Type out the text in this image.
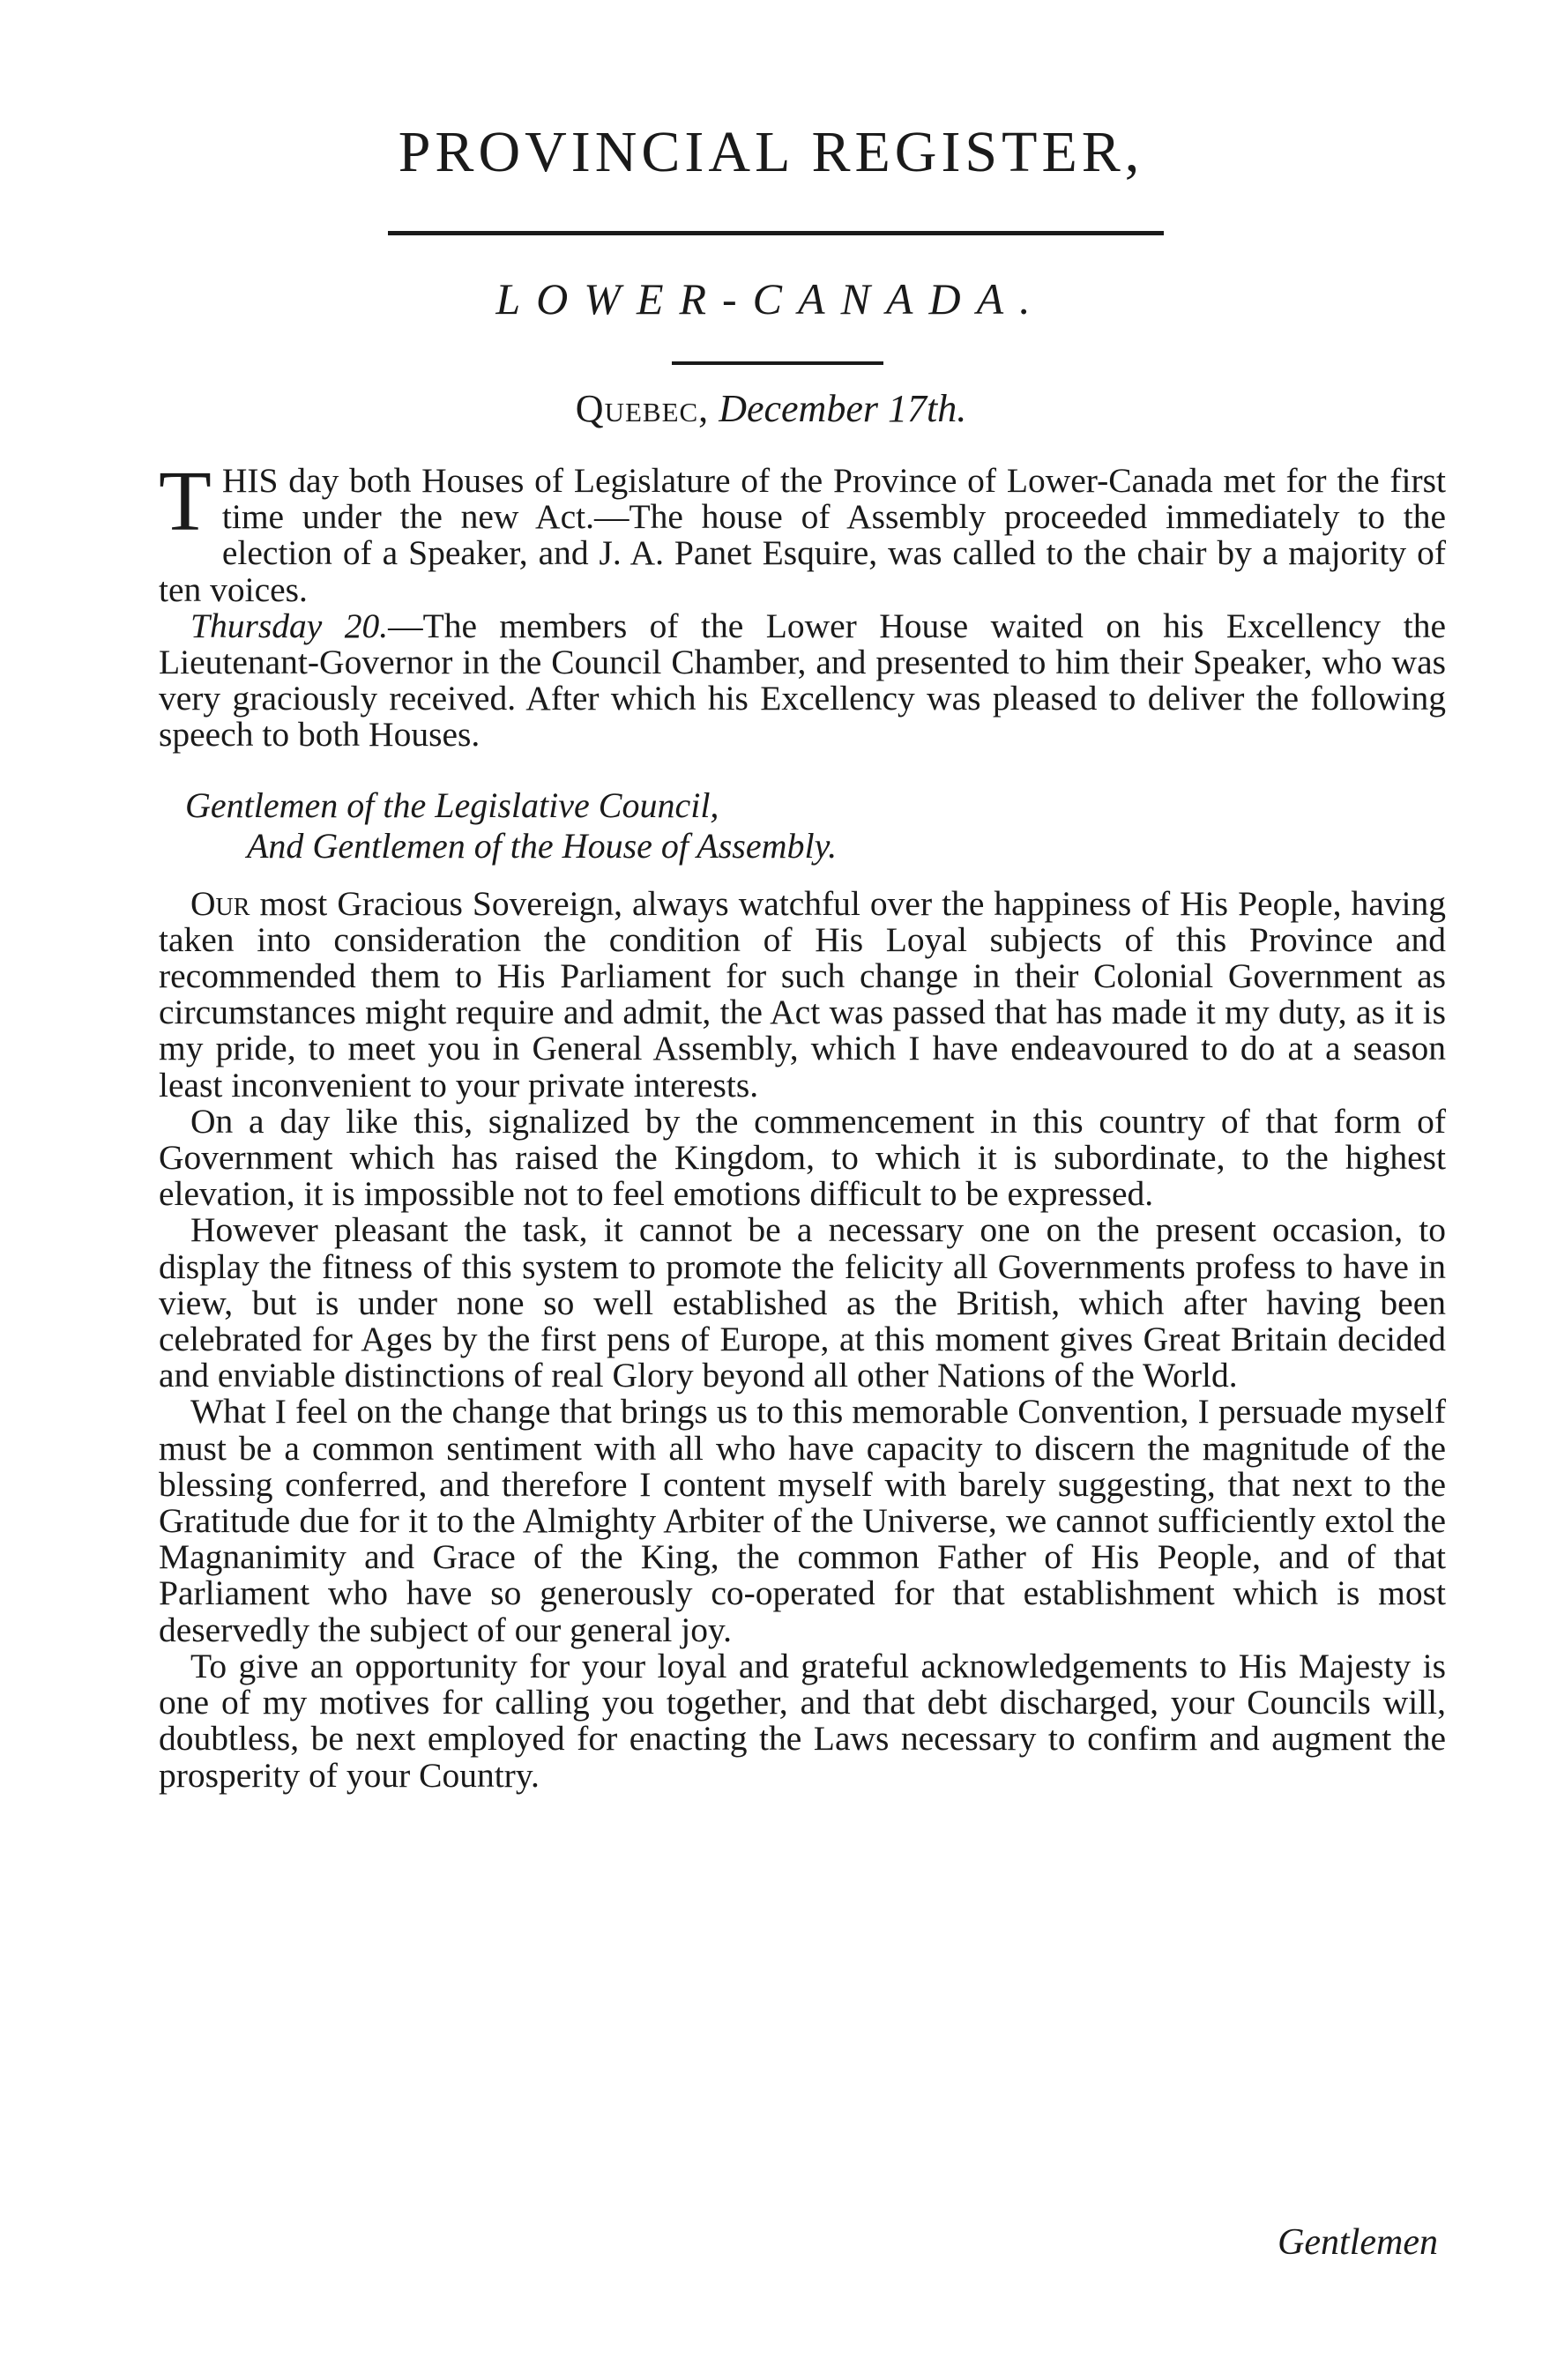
PROVINCIAL REGISTER,
LOWER-CANADA.
Quebec, December 17th.

THIS day both Houses of Legislature of the Province of Lower-Canada met for the first time under the new Act.—The house of Assembly proceeded immediately to the election of a Speaker, and J. A. Panet Esquire, was called to the chair by a majority of ten voices.

Thursday 20.—The members of the Lower House waited on his Excellency the Lieutenant-Governor in the Council Chamber, and presented to him their Speaker, who was very graciously received. After which his Excellency was pleased to deliver the following speech to both Houses.

Gentlemen of the Legislative Council,
And Gentlemen of the House of Assembly.

Our most Gracious Sovereign, always watchful over the happiness of His People, having taken into consideration the condition of His Loyal subjects of this Province and recommended them to His Parliament for such change in their Colonial Government as circumstances might require and admit, the Act was passed that has made it my duty, as it is my pride, to meet you in General Assembly, which I have endeavoured to do at a season least inconvenient to your private interests.

On a day like this, signalized by the commencement in this country of that form of Government which has raised the Kingdom, to which it is subordinate, to the highest elevation, it is impossible not to feel emotions difficult to be expressed.

However pleasant the task, it cannot be a necessary one on the present occasion, to display the fitness of this system to promote the felicity all Governments profess to have in view, but is under none so well established as the British, which after having been celebrated for Ages by the first pens of Europe, at this moment gives Great Britain decided and enviable distinctions of real Glory beyond all other Nations of the World.

What I feel on the change that brings us to this memorable Convention, I persuade myself must be a common sentiment with all who have capacity to discern the magnitude of the blessing conferred, and therefore I content myself with barely suggesting, that next to the Gratitude due for it to the Almighty Arbiter of the Universe, we cannot sufficiently extol the Magnanimity and Grace of the King, the common Father of His People, and of that Parliament who have so generously co-operated for that establishment which is most deservedly the subject of our general joy.

To give an opportunity for your loyal and grateful acknowledgements to His Majesty is one of my motives for calling you together, and that debt discharged, your Councils will, doubtless, be next employed for enacting the Laws necessary to confirm and augment the prosperity of your Country.

Gentlemen
